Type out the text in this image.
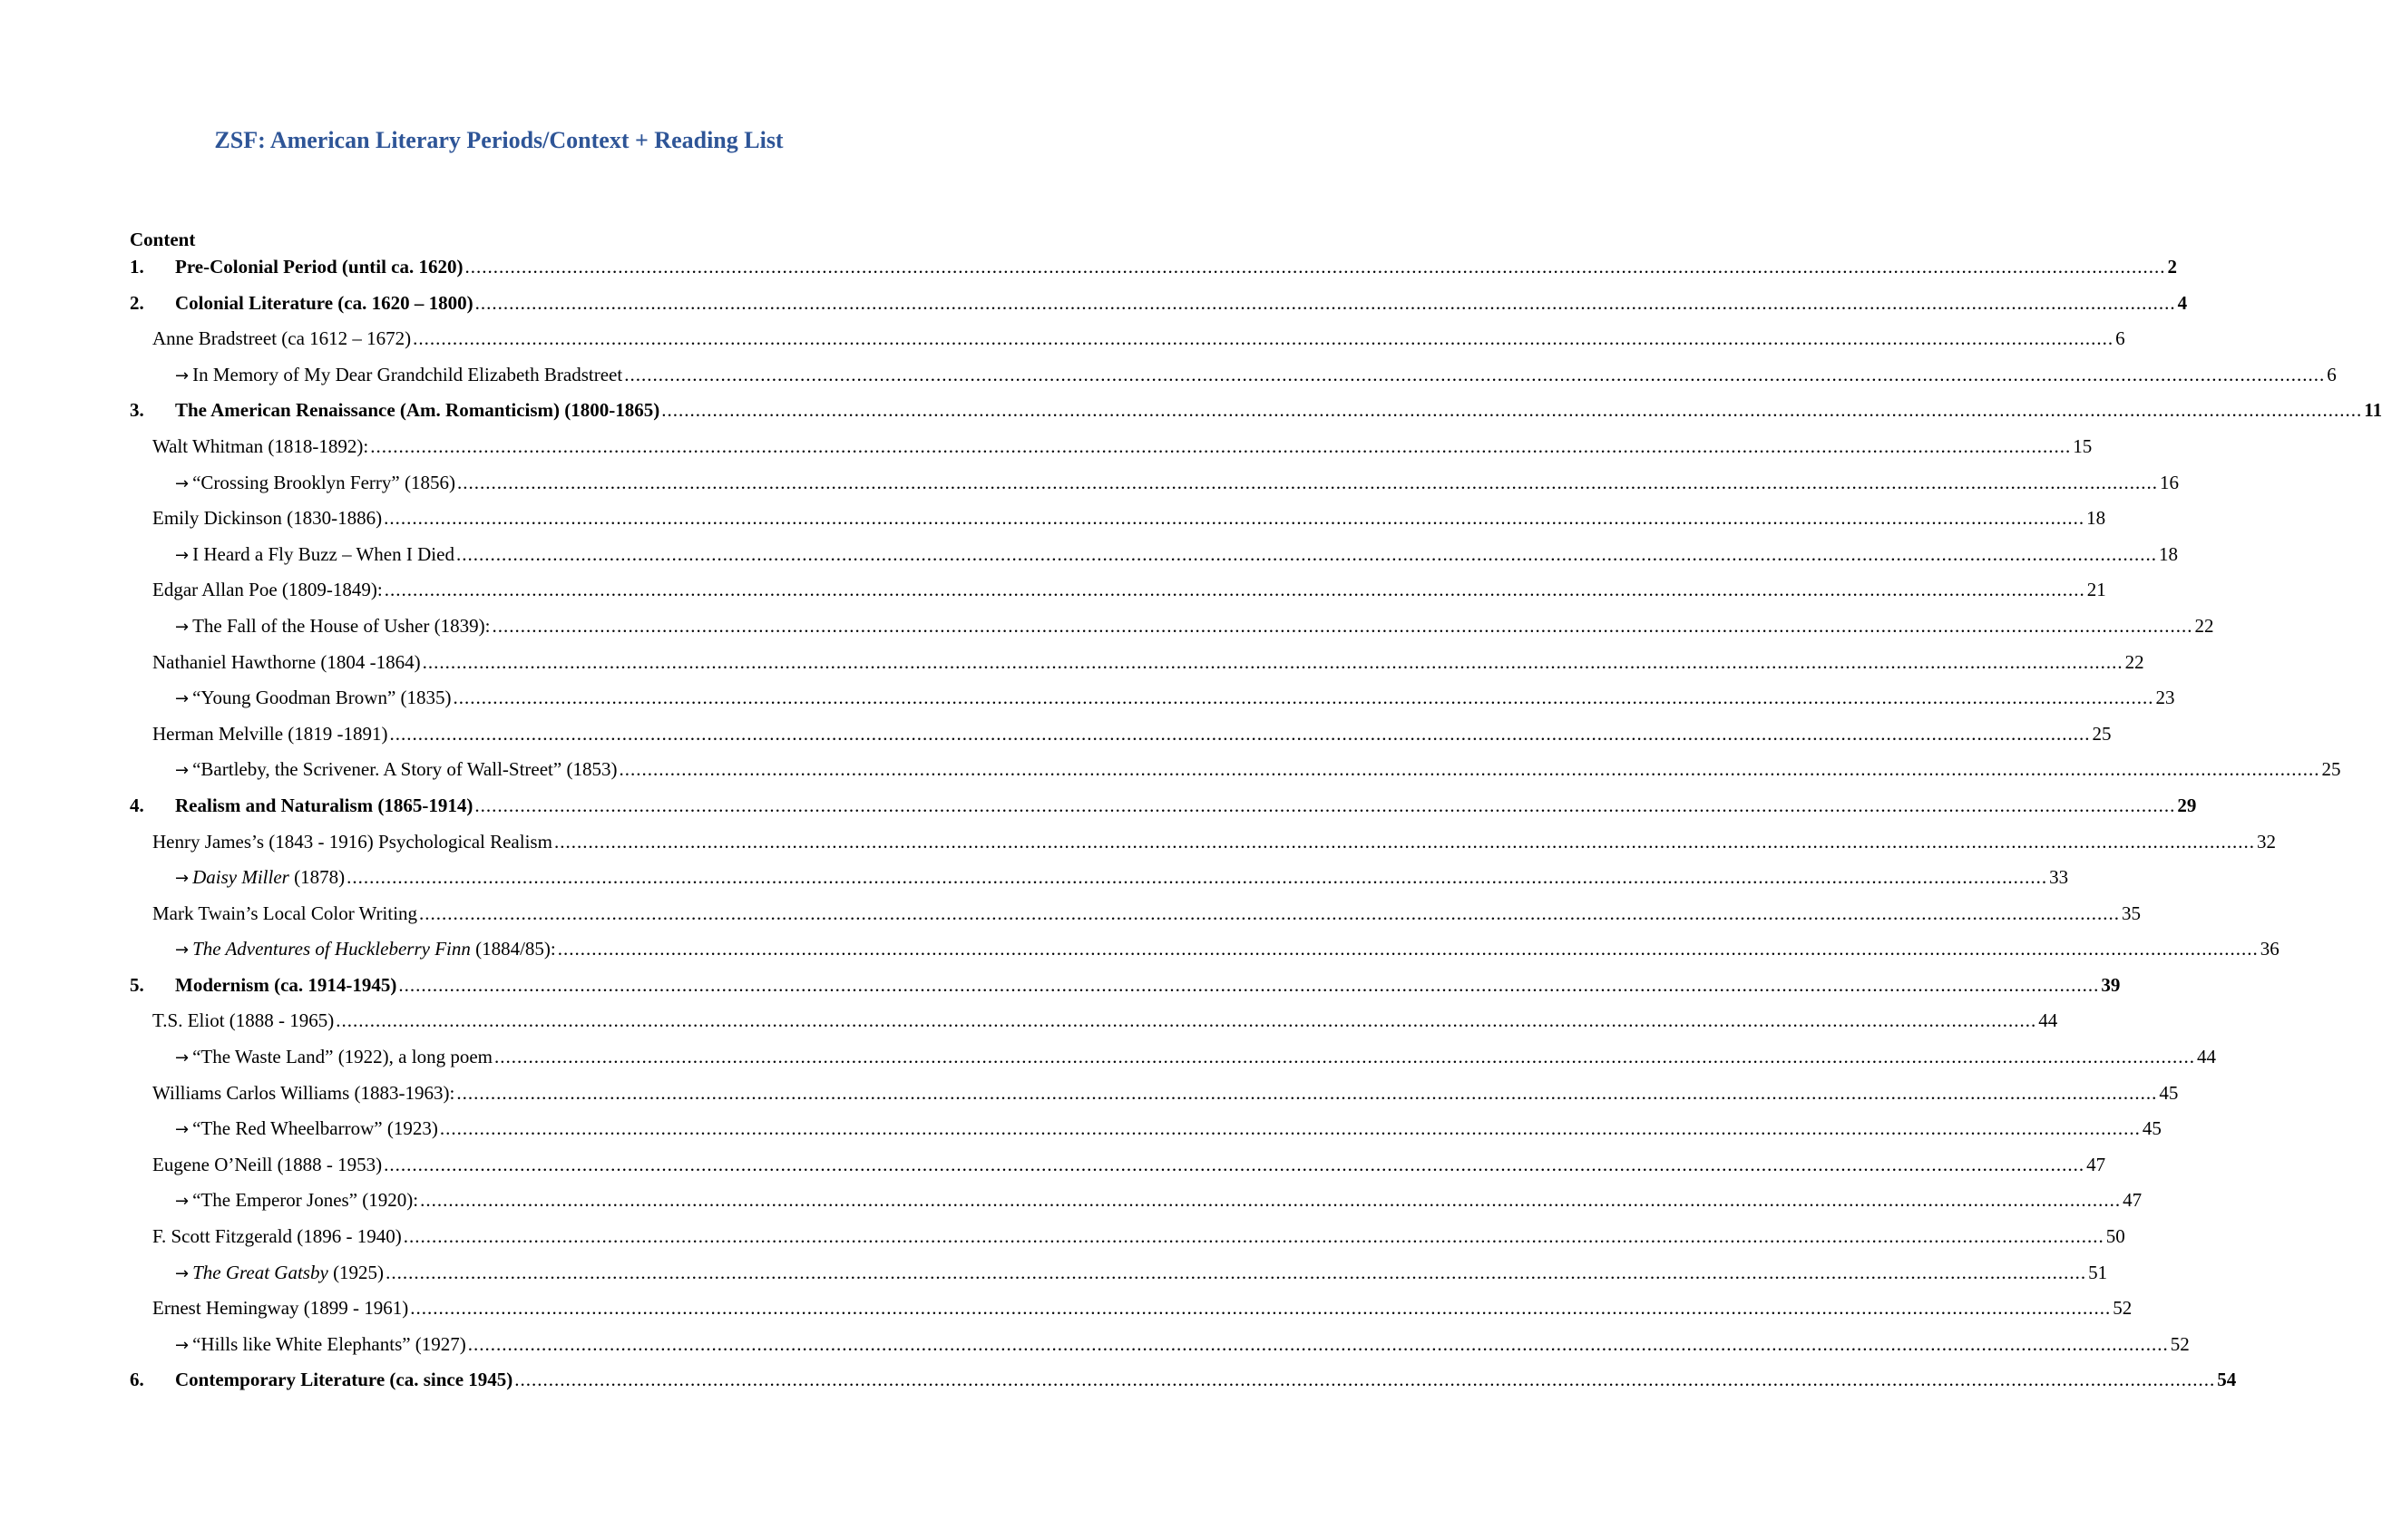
ZSF: American Literary Periods/Context + Reading List
Content
1. Pre-Colonial Period (until ca. 1620) ............................................................................................................................................................................................................................................................................................................ 2
2. Colonial Literature (ca. 1620 – 1800) ............................................................................................................................................................................................................................................................................................................ 4
Anne Bradstreet (ca 1612 – 1672) ............................................................................................................................................................................................................................................................................................................ 6
→ In Memory of My Dear Grandchild Elizabeth Bradstreet ............................................................................................................................................................................................................................................................................................................ 6
3. The American Renaissance (Am. Romanticism) (1800-1865) ............................................................................................................................................................................................................................................................................................................ 11
Walt Whitman (1818-1892): ............................................................................................................................................................................................................................................................................................................ 15
→ “Crossing Brooklyn Ferry” (1856) ............................................................................................................................................................................................................................................................................................................ 16
Emily Dickinson (1830-1886) ............................................................................................................................................................................................................................................................................................................ 18
→ I Heard a Fly Buzz – When I Died ............................................................................................................................................................................................................................................................................................................ 18
Edgar Allan Poe (1809-1849): ............................................................................................................................................................................................................................................................................................................ 21
→ The Fall of the House of Usher (1839): ............................................................................................................................................................................................................................................................................................................ 22
Nathaniel Hawthorne (1804 -1864) ............................................................................................................................................................................................................................................................................................................ 22
→ “Young Goodman Brown” (1835) ............................................................................................................................................................................................................................................................................................................ 23
Herman Melville (1819 -1891) ............................................................................................................................................................................................................................................................................................................ 25
→ “Bartleby, the Scrivener. A Story of Wall-Street” (1853) ............................................................................................................................................................................................................................................................................................................ 25
4. Realism and Naturalism (1865-1914) ............................................................................................................................................................................................................................................................................................................ 29
Henry James’s (1843 - 1916) Psychological Realism ............................................................................................................................................................................................................................................................................................................ 32
→ Daisy Miller (1878) ............................................................................................................................................................................................................................................................................................................ 33
Mark Twain’s Local Color Writing ............................................................................................................................................................................................................................................................................................................ 35
→ The Adventures of Huckleberry Finn (1884/85): ............................................................................................................................................................................................................................................................................................................ 36
5. Modernism (ca. 1914-1945) ............................................................................................................................................................................................................................................................................................................ 39
T.S. Eliot (1888 - 1965) ............................................................................................................................................................................................................................................................................................................ 44
→ “The Waste Land” (1922), a long poem ............................................................................................................................................................................................................................................................................................................ 44
Williams Carlos Williams (1883-1963): ............................................................................................................................................................................................................................................................................................................ 45
→ “The Red Wheelbarrow” (1923) ............................................................................................................................................................................................................................................................................................................ 45
Eugene O’Neill (1888 - 1953) ............................................................................................................................................................................................................................................................................................................ 47
→ “The Emperor Jones” (1920): ............................................................................................................................................................................................................................................................................................................ 47
F. Scott Fitzgerald (1896 - 1940) ............................................................................................................................................................................................................................................................................................................ 50
→ The Great Gatsby (1925) ............................................................................................................................................................................................................................................................................................................ 51
Ernest Hemingway (1899 - 1961) ............................................................................................................................................................................................................................................................................................................ 52
→ “Hills like White Elephants” (1927) ............................................................................................................................................................................................................................................................................................................ 52
6. Contemporary Literature (ca. since 1945) ............................................................................................................................................................................................................................................................................................................ 54
